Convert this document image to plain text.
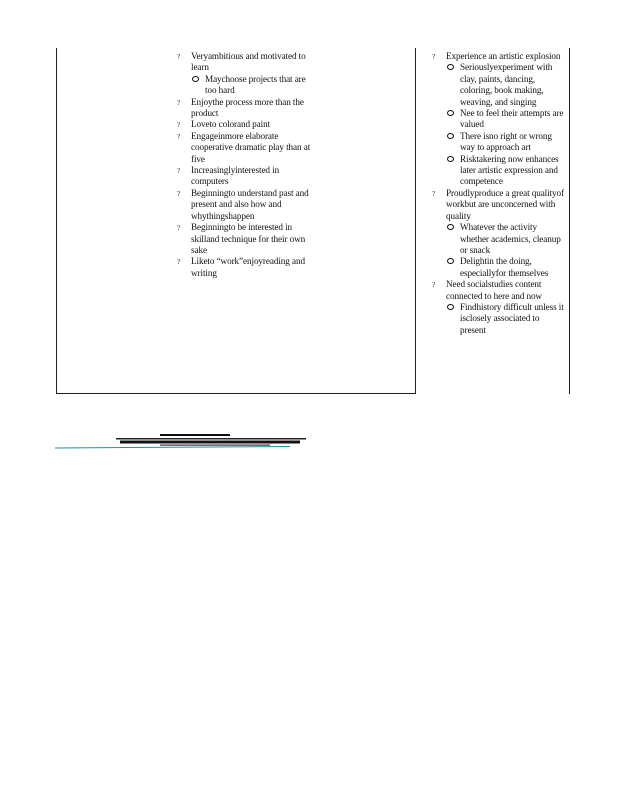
? Veryambitious and motivated to learn
Maychoose projects that are too hard
? Enjoythe process more than the product
? Loveto colorand paint
? Engageinmore elaborate cooperative dramatic play than at five
? Increasinglyinterested in computers
? Beginningto understand past and present and also how and whythingshappen
? Beginningto be interested in skilland technique for their own sake
? Liketo “work”enjoyreading and writing
? Experience an artistic explosion
Seriouslyexperiment with clay, paints, dancing, coloring, book making, weaving, and singing
Nee to feel their attempts are valued
There isno right or wrong way to approach art
Risktakering now enhances later artistic expression and competence
? Proudlyproduce a great qualityof workbut are unconcerned with quality
Whatever the activity whether academics, cleanup or snack
Delightin the doing, especiallyfor themselves
? Need socialstudies content connected to here and now
Findhistory difficult unless it isclosely associated to present
